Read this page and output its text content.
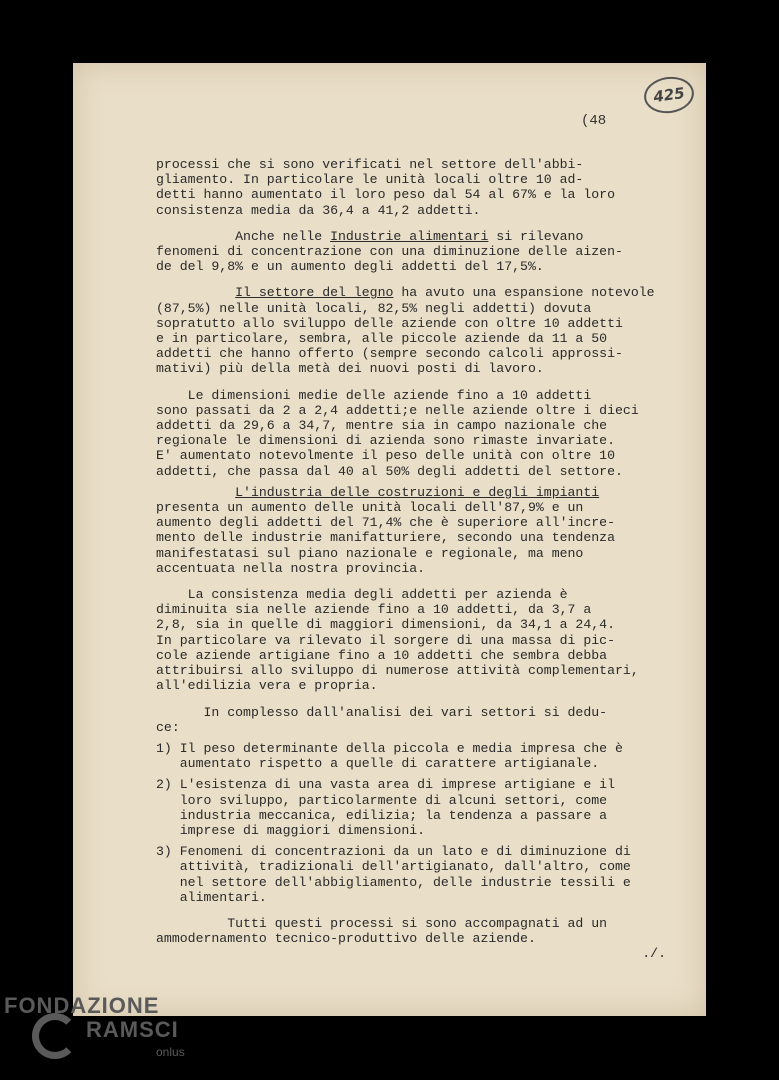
425
(48
processi che si sono verificati nel settore dell'abbi-
gliamento. In particolare le unità locali oltre 10 ad-
detti hanno aumentato il loro peso dal 54 al 67% e la loro
consistenza media da 36,4 a 41,2 addetti.
Anche nelle Industrie alimentari si rilevano
fenomeni di concentrazione con una diminuzione delle aizen-
de del 9,8% e un aumento degli addetti del 17,5%.
Il settore del legno ha avuto una espansione notevole
(87,5%) nelle unità locali, 82,5% negli addetti) dovuta
sopratutto allo sviluppo delle aziende con oltre 10 addetti
e in particolare, sembra, alle piccole aziende da 11 a 50
addetti che hanno offerto (sempre secondo calcoli approssi-
mativi) più della metà dei nuovi posti di lavoro.
Le dimensioni medie delle aziende fino a 10 addetti
sono passati da 2 a 2,4 addetti;e nelle aziende oltre i dieci
addetti da 29,6 a 34,7, mentre sia in campo nazionale che
regionale le dimensioni di azienda sono rimaste invariate.
E' aumentato notevolmente il peso delle unità con oltre 10
addetti, che passa dal 40 al 50% degli addetti del settore.
L'industria delle costruzioni e degli impianti
presenta un aumento delle unità locali dell'87,9% e un
aumento degli addetti del 71,4% che è superiore all'incre-
mento delle industrie manifatturiere, secondo una tendenza
manifestatasi sul piano nazionale e regionale, ma meno
accentuata nella nostra provincia.
La consistenza media degli addetti per azienda è
diminuita sia nelle aziende fino a 10 addetti, da 3,7 a
2,8, sia in quelle di maggiori dimensioni, da 34,1 a 24,4.
In particolare va rilevato il sorgere di una massa di pic-
cole aziende artigiane fino a 10 addetti che sembra debba
attribuirsi allo sviluppo di numerose attività complementari,
all'edilizia vera e propria.
In complesso dall'analisi dei vari settori si dedu-
ce:
1) Il peso determinante della piccola e media impresa che è
aumentato rispetto a quelle di carattere artigianale.
2) L'esistenza di una vasta area di imprese artigiane e il
loro sviluppo, particolarmente di alcuni settori, come
industria meccanica, edilizia; la tendenza a passare a
imprese di maggiori dimensioni.
3) Fenomeni di concentrazioni da un lato e di diminuzione di
attività, tradizionali dell'artigianato, dall'altro, come
nel settore dell'abbigliamento, delle industrie tessili e
alimentari.
Tutti questi processi si sono accompagnati ad un
ammodernamento tecnico-produttivo delle aziende.
./.
FONDAZIONE
RAMSCI
onlus
